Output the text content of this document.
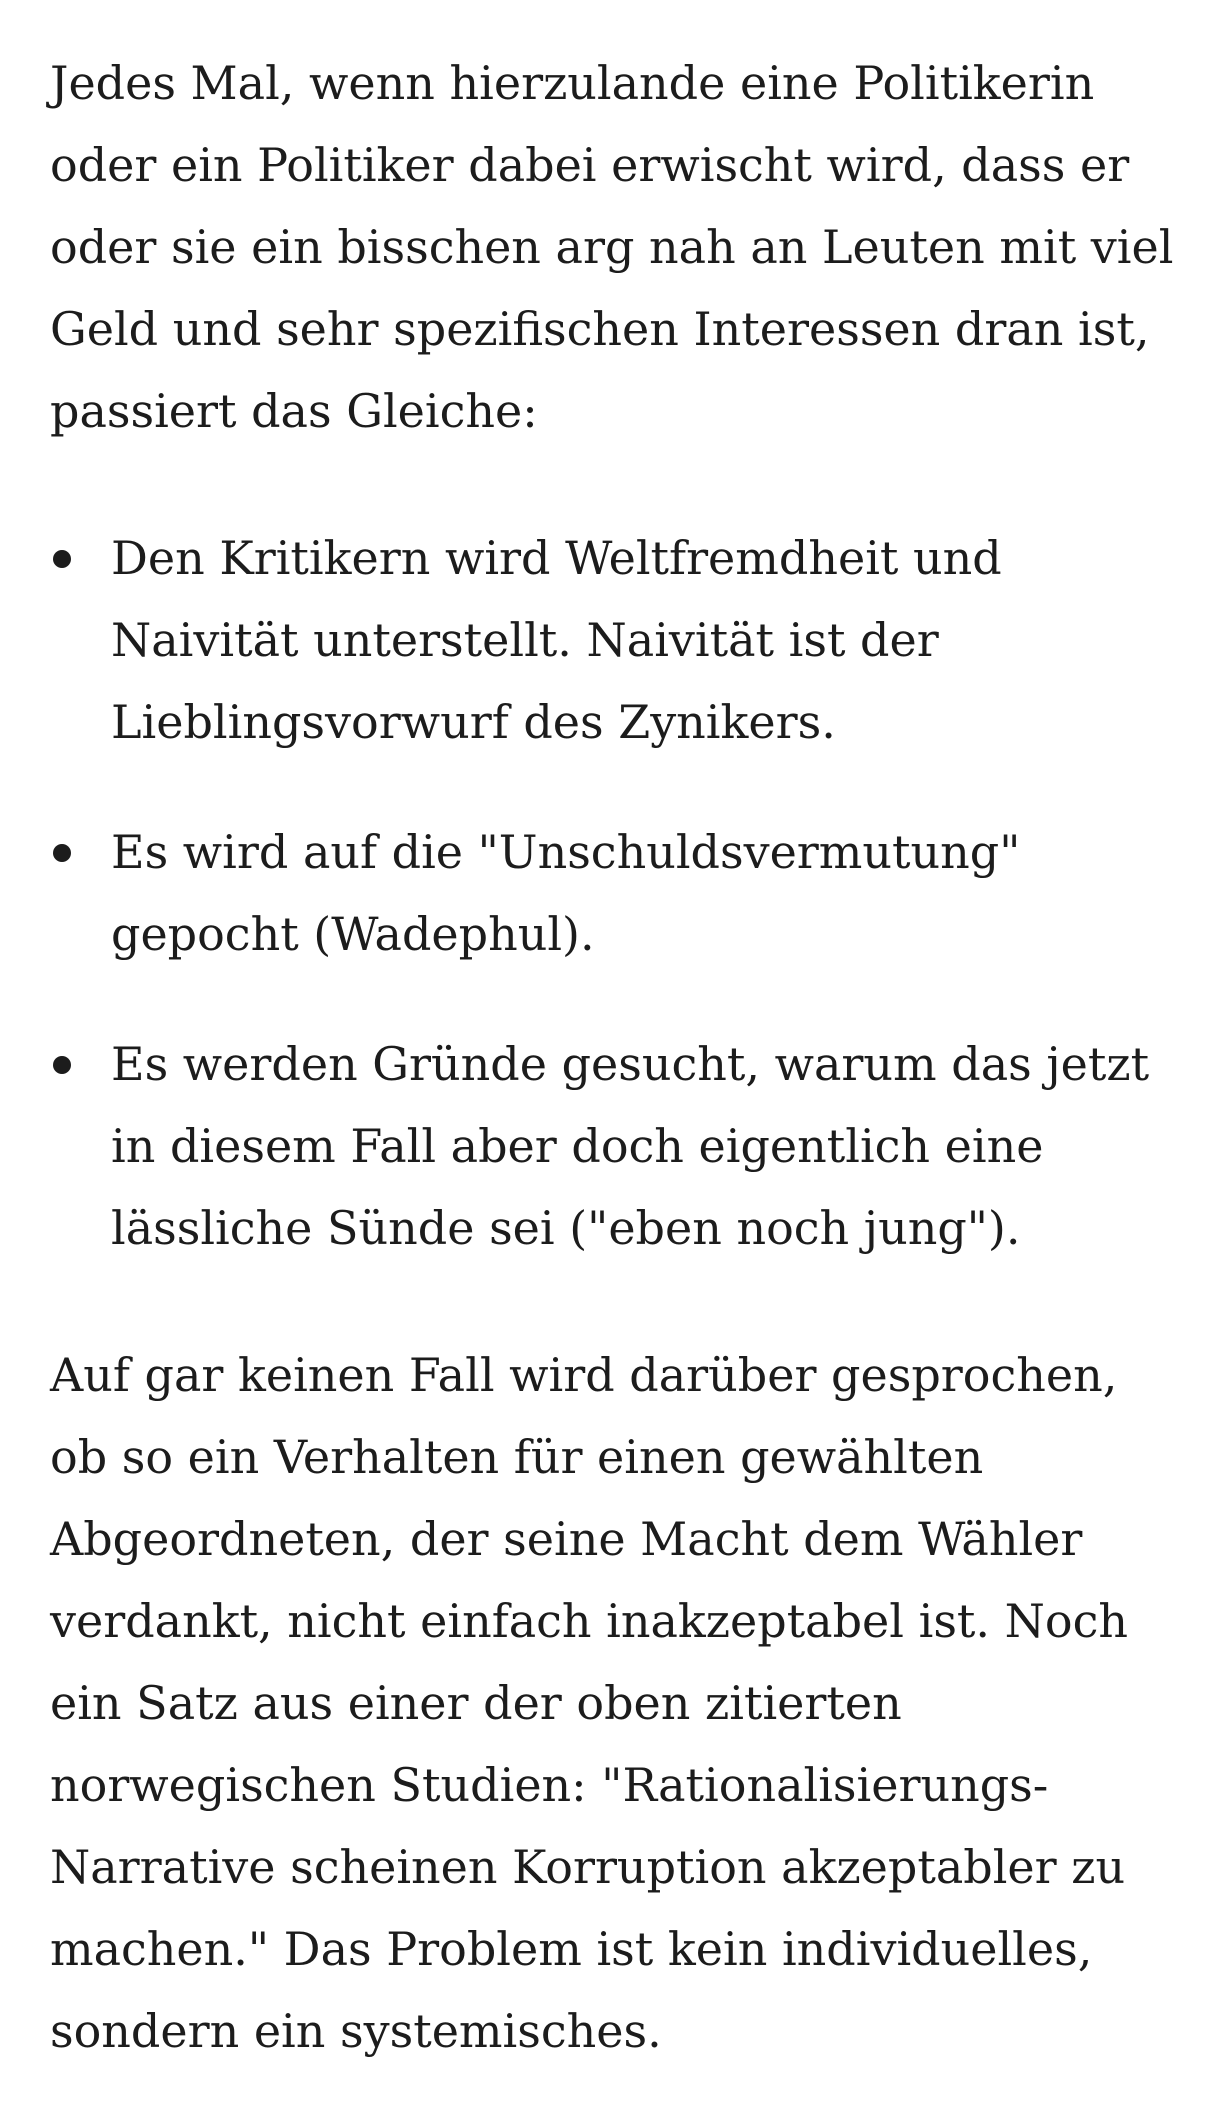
Jedes Mal, wenn hierzulande eine Politikerin oder ein Politiker dabei erwischt wird, dass er oder sie ein bisschen arg nah an Leuten mit viel Geld und sehr spezifischen Interessen dran ist, passiert das Gleiche:

Den Kritikern wird Weltfremdheit und Naivität unterstellt. Naivität ist der Lieblingsvorwurf des Zynikers.
Es wird auf die "Unschuldsvermutung" gepocht (Wadephul).
Es werden Gründe gesucht, warum das jetzt in diesem Fall aber doch eigentlich eine lässliche Sünde sei ("eben noch jung").

Auf gar keinen Fall wird darüber gesprochen, ob so ein Verhalten für einen gewählten Abgeordneten, der seine Macht dem Wähler verdankt, nicht einfach inakzeptabel ist. Noch ein Satz aus einer der oben zitierten norwegischen Studien: "Rationalisierungs-Narrative scheinen Korruption akzeptabler zu machen." Das Problem ist kein individuelles, sondern ein systemisches.
